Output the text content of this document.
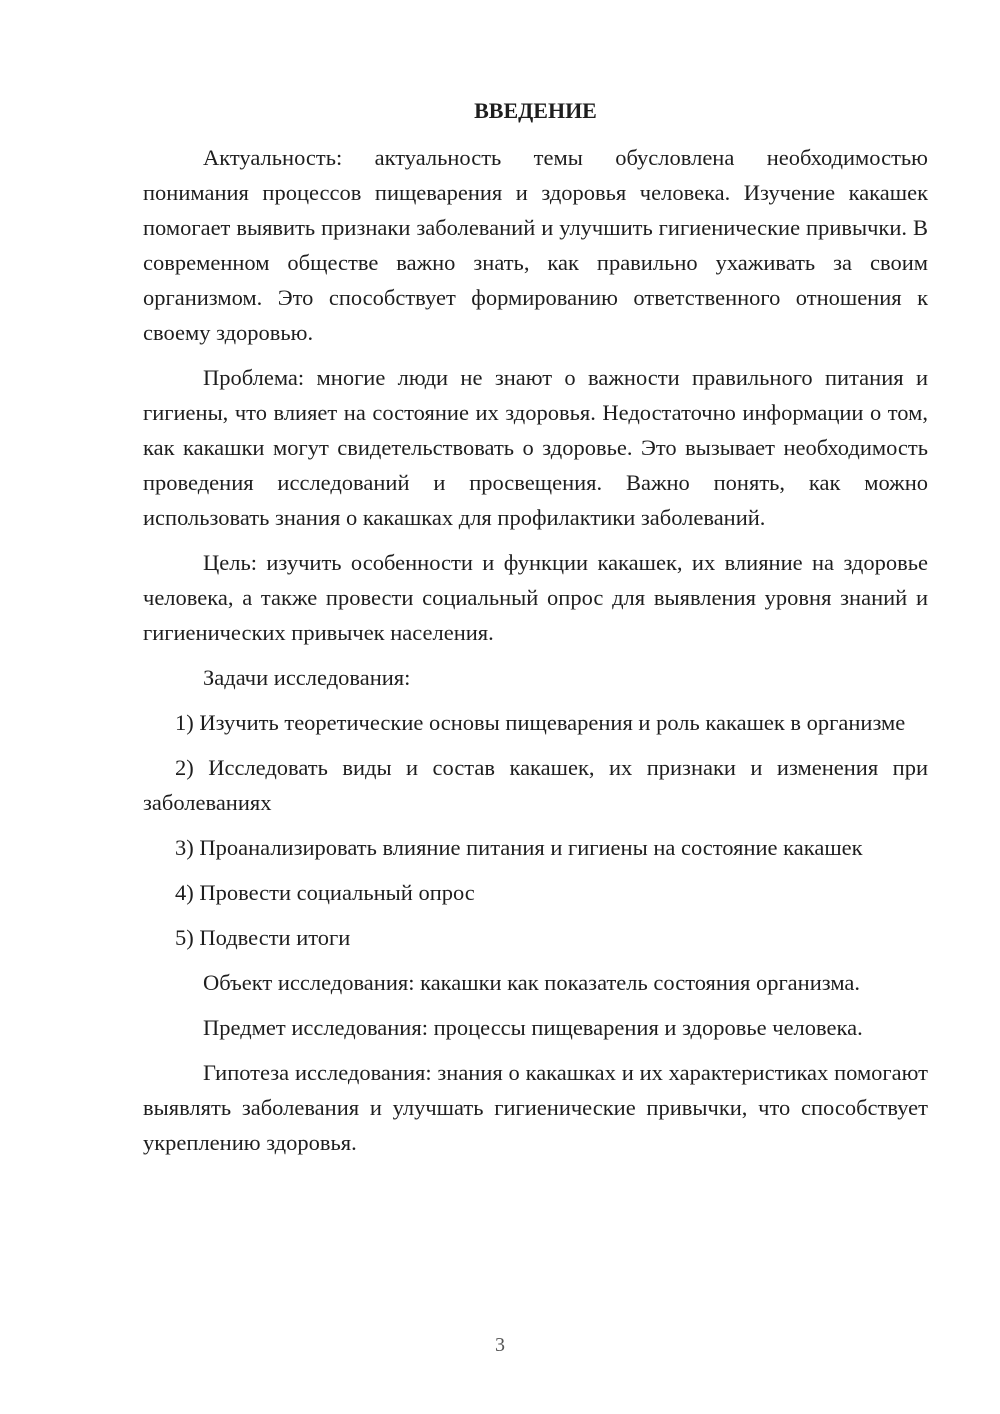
ВВЕДЕНИЕ

Актуальность: актуальность темы обусловлена необходимостью понимания процессов пищеварения и здоровья человека. Изучение какашек помогает выявить признаки заболеваний и улучшить гигиенические привычки. В современном обществе важно знать, как правильно ухаживать за своим организмом. Это способствует формированию ответственного отношения к своему здоровью.

Проблема: многие люди не знают о важности правильного питания и гигиены, что влияет на состояние их здоровья. Недостаточно информации о том, как какашки могут свидетельствовать о здоровье. Это вызывает необходимость проведения исследований и просвещения. Важно понять, как можно использовать знания о какашках для профилактики заболеваний.

Цель: изучить особенности и функции какашек, их влияние на здоровье человека, а также провести социальный опрос для выявления уровня знаний и гигиенических привычек населения.

Задачи исследования:

1) Изучить теоретические основы пищеварения и роль какашек в организме

2) Исследовать виды и состав какашек, их признаки и изменения при заболеваниях

3) Проанализировать влияние питания и гигиены на состояние какашек

4) Провести социальный опрос

5) Подвести итоги

Объект исследования: какашки как показатель состояния организма.

Предмет исследования: процессы пищеварения и здоровье человека.

Гипотеза исследования: знания о какашках и их характеристиках помогают выявлять заболевания и улучшать гигиенические привычки, что способствует укреплению здоровья.

3
